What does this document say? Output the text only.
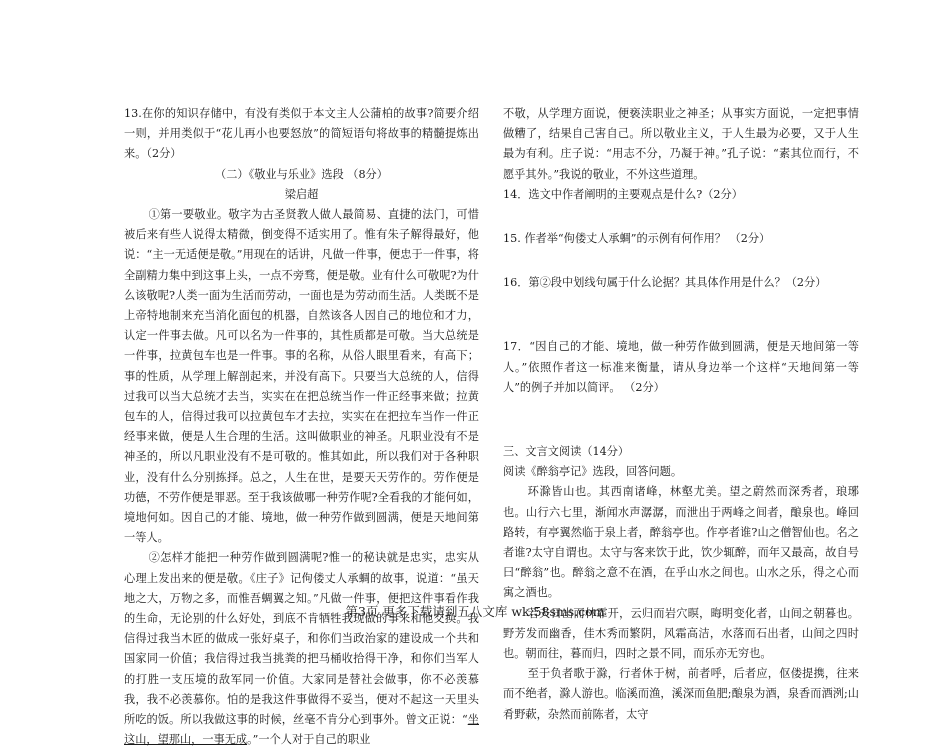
13.在你的知识存储中，有没有类似于本文主人公蒲柏的故事?简要介绍一则，并用类似于“花儿再小也要怒放”的简短语句将故事的精髓提炼出来。（2分）

（二）《敬业与乐业》选段 （8分）

梁启超

①第一要敬业。敬字为古圣贤教人做人最简易、直捷的法门，可惜被后来有些人说得太精微，倒变得不适实用了。惟有朱子解得最好，他说：“主一无适便是敬。”用现在的话讲，凡做一件事，便忠于一件事，将全副精力集中到这事上头，一点不旁骛，便是敬。业有什么可敬呢?为什么该敬呢?人类一面为生活而劳动，一面也是为劳动而生活。人类既不是上帝特地制来充当消化面包的机器，自然该各人因自己的地位和才力，认定一件事去做。凡可以名为一件事的，其性质都是可敬。当大总统是一件事，拉黄包车也是一件事。事的名称，从俗人眼里看来，有高下；事的性质，从学理上解剖起来，并没有高下。只要当大总统的人，信得过我可以当大总统才去当，实实在在把总统当作一件正经事来做；拉黄包车的人，信得过我可以拉黄包车才去拉，实实在在把拉车当作一件正经事来做，便是人生合理的生活。这叫做职业的神圣。凡职业没有不是神圣的，所以凡职业没有不是可敬的。惟其如此，所以我们对于各种职业，没有什么分别拣择。总之，人生在世，是要天天劳作的。劳作便是功德，不劳作便是罪恶。至于我该做哪一种劳作呢?全看我的才能何如，境地何如。因自己的才能、境地，做一种劳作做到圆满，便是天地间第一等人。

②怎样才能把一种劳作做到圆满呢?惟一的秘诀就是忠实，忠实从心理上发出来的便是敬。《庄子》记佝偻丈人承蜩的故事，说道：“虽天地之大，万物之多，而惟吾蜩翼之知。”凡做一件事，便把这件事看作我的生命，无论别的什么好处，到底不肯牺牲我现做的事来和他交换。我信得过我当木匠的做成一张好桌子，和你们当政治家的建设成一个共和国家同一价值；我信得过我当挑粪的把马桶收拾得干净，和你们当军人的打胜一支压境的敌军同一价值。大家同是替社会做事，你不必羡慕我，我不必羡慕你。怕的是我这件事做得不妥当，便对不起这一天里头所吃的饭。所以我做这事的时候，丝毫不肯分心到事外。曾文正说：“坐这山，望那山，一事无成。”一个人对于自己的职业

不敬，从学理方面说，便亵渎职业之神圣；从事实方面说，一定把事情做糟了，结果自己害自己。所以敬业主义，于人生最为必要，又于人生最为有利。庄子说：“用志不分，乃凝于神。”孔子说：“素其位而行，不愿乎其外。”我说的敬业，不外这些道理。

14．选文中作者阐明的主要观点是什么?（2分）

15. 作者举“佝偻丈人承蜩”的示例有何作用？ （2分）

16．第②段中划线句属于什么论据？其具体作用是什么？（2分）

17．“因自己的才能、境地，做一种劳作做到圆满，便是天地间第一等人。”依照作者这一标准来衡量，请从身边举一个这样“天地间第一等人”的例子并加以简评。 （2分）

三、文言文阅读（14分）

阅读《醉翁亭记》选段，回答问题。

环滁皆山也。其西南诸峰，林壑尤美。望之蔚然而深秀者，琅琊也。山行六七里，渐闻水声潺潺，而泄出于两峰之间者，酿泉也。峰回路转，有亭翼然临于泉上者，醉翁亭也。作亭者谁?山之僧智仙也。名之者谁?太守自谓也。太守与客来饮于此，饮少辄醉，而年又最高，故自号曰“醉翁”也。醉翁之意不在酒，在乎山水之间也。山水之乐，得之心而寓之酒也。

若夫日出而林霏开，云归而岩穴暝，晦明变化者，山间之朝暮也。野芳发而幽香，佳木秀而繁阴，风霜高洁，水落而石出者，山间之四时也。朝而往，暮而归，四时之景不同，而乐亦无穷也。

至于负者歌于滁，行者休于树，前者呼，后者应，伛偻提携，往来而不绝者，滁人游也。临溪而渔，溪深而鱼肥;酿泉为酒，泉香而酒洌;山肴野蔌，杂然而前陈者，太守

第3页 更多下载请到五八文库 wk.58sms.com
